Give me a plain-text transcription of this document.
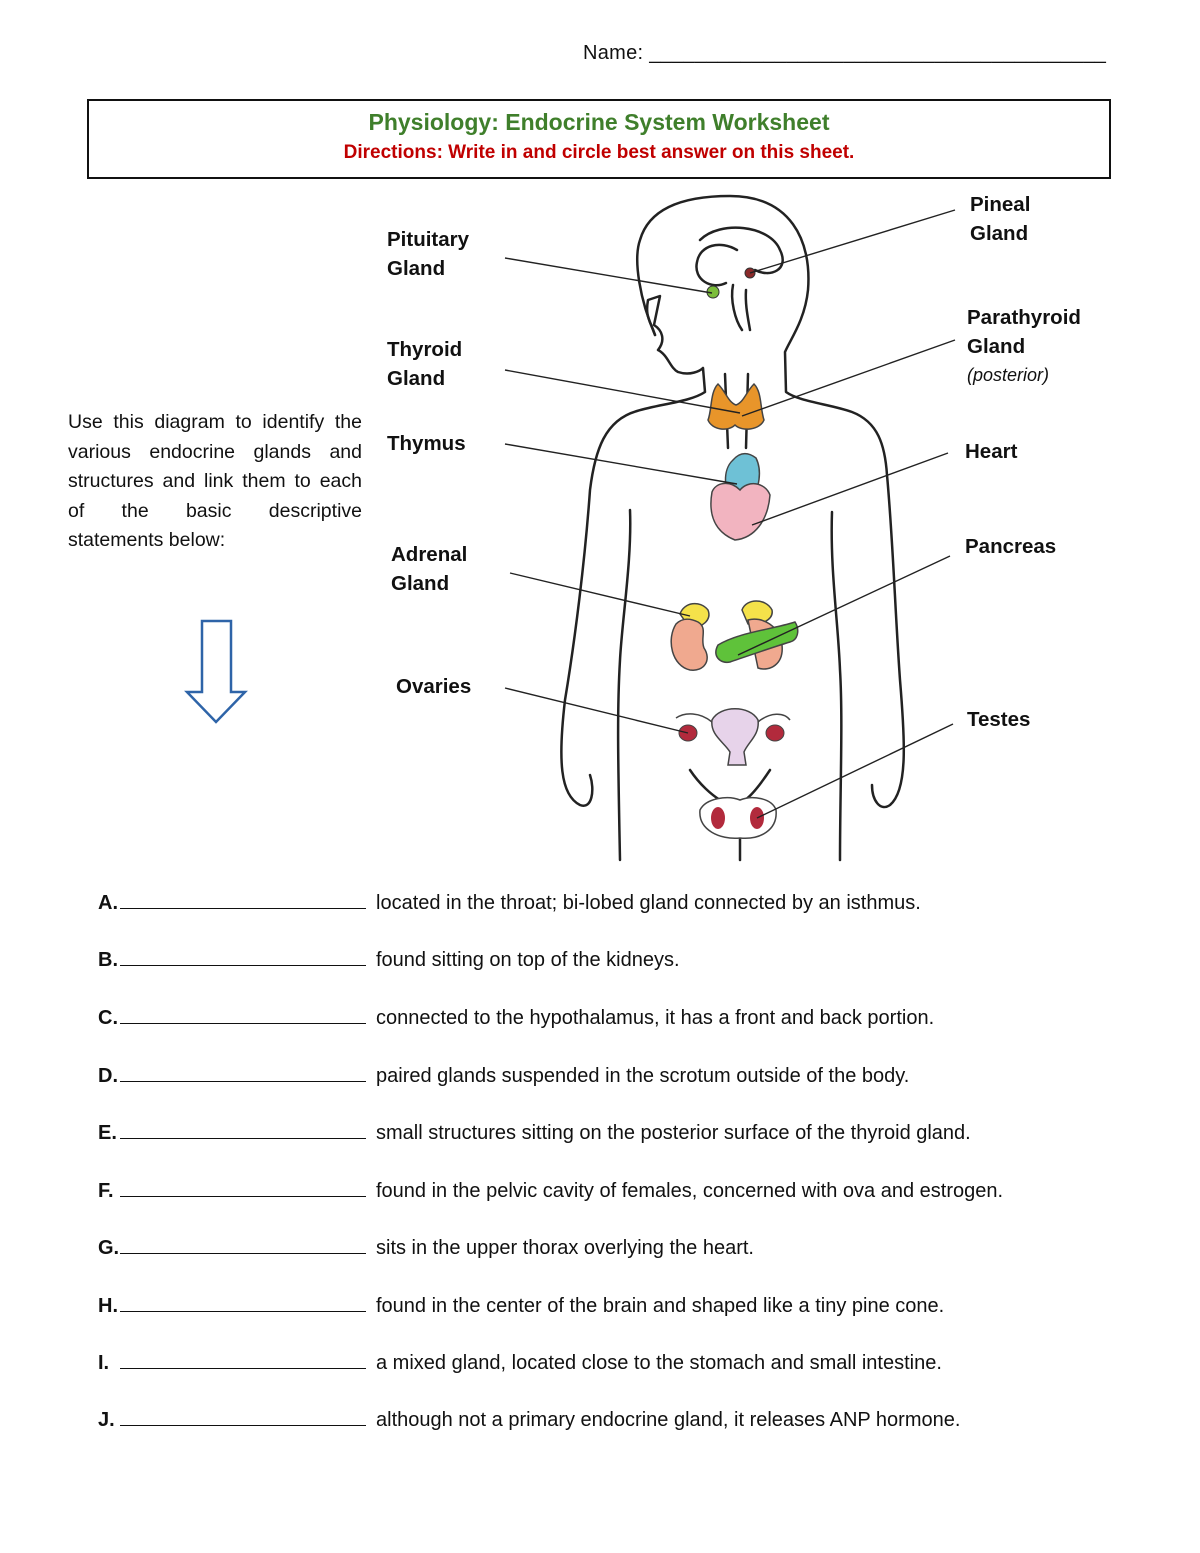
Name: ________________________________________
Physiology: Endocrine System Worksheet
Directions: Write in and circle best answer on this sheet.
Use this diagram to identify the various endocrine glands and structures and link them to each of the basic descriptive statements below:
Pituitary
Gland
Thyroid
Gland
Thymus
Adrenal
Gland
Ovaries
Pineal
Gland
Parathyroid
Gland
(posterior)
Heart
Pancreas
Testes
A.	located in the throat; bi-lobed gland connected by an isthmus.
B.	found sitting on top of the kidneys.
C.	connected to the hypothalamus, it has a front and back portion.
D.	paired glands suspended in the scrotum outside of the body.
E.	small structures sitting on the posterior surface of the thyroid gland.
F.	found in the pelvic cavity of females, concerned with ova and estrogen.
G.	sits in the upper thorax overlying the heart.
H.	found in the center of the brain and shaped like a tiny pine cone.
I.	a mixed gland, located close to the stomach and small intestine.
J.	although not a primary endocrine gland, it releases ANP hormone.
